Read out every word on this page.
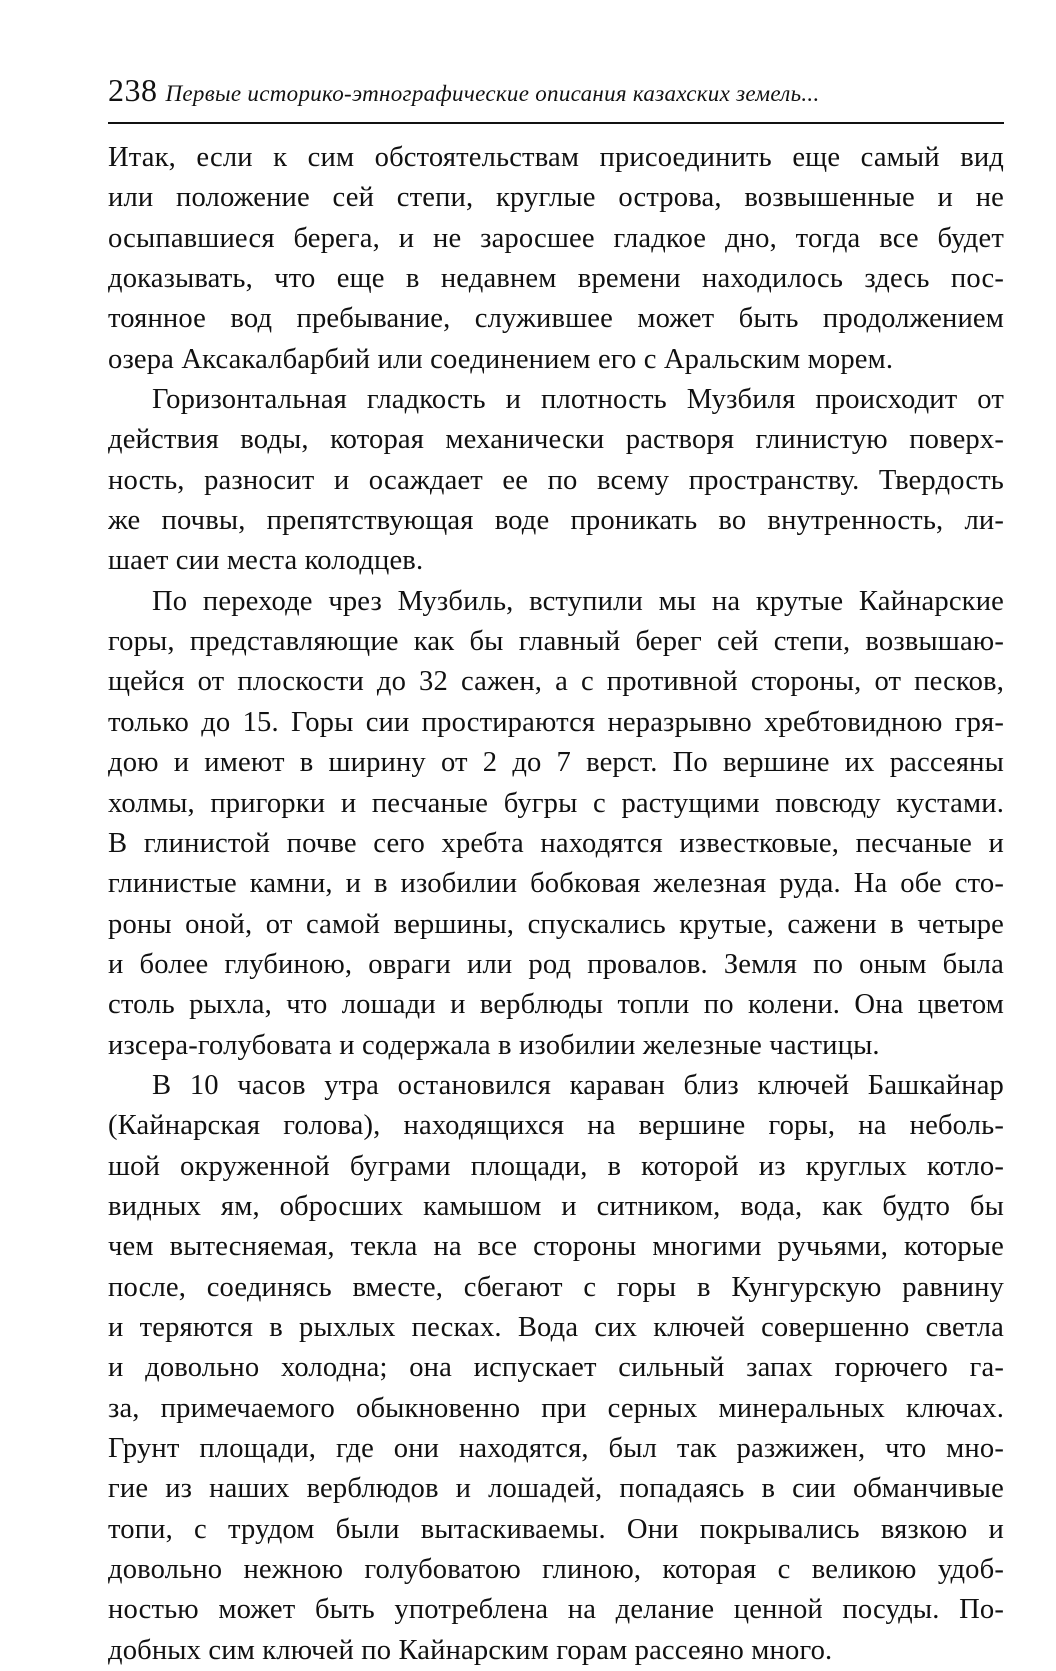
238 Первые историко-этнографические описания казахских земель...

Итак, если к сим обстоятельствам присоединить еще самый вид
или положение сей степи, круглые острова, возвышенные и не
осыпавшиеся берега, и не заросшее гладкое дно, тогда все будет
доказывать, что еще в недавнем времени находилось здесь пос-
тоянное вод пребывание, служившее может быть продолжением
озера Аксакалбарбий или соединением его с Аральским морем.

Горизонтальная гладкость и плотность Музбиля происходит от
действия воды, которая механически растворя глинистую поверх-
ность, разносит и осаждает ее по всему пространству. Твердость
же почвы, препятствующая воде проникать во внутренность, ли-
шает сии места колодцев.

По переходе чрез Музбиль, вступили мы на крутые Кайнарские
горы, представляющие как бы главный берег сей степи, возвышаю-
щейся от плоскости до 32 сажен, а с противной стороны, от песков,
только до 15. Горы сии простираются неразрывно хребтовидною гря-
дою и имеют в ширину от 2 до 7 верст. По вершине их рассеяны
холмы, пригорки и песчаные бугры с растущими повсюду кустами.
В глинистой почве сего хребта находятся известковые, песчаные и
глинистые камни, и в изобилии бобковая железная руда. На обе сто-
роны оной, от самой вершины, спускались крутые, сажени в четыре
и более глубиною, овраги или род провалов. Земля по оным была
столь рыхла, что лошади и верблюды топли по колени. Она цветом
изсера-голубовата и содержала в изобилии железные частицы.

В 10 часов утра остановился караван близ ключей Башкайнар
(Кайнарская голова), находящихся на вершине горы, на неболь-
шой окруженной буграми площади, в которой из круглых котло-
видных ям, обросших камышом и ситником, вода, как будто бы
чем вытесняемая, текла на все стороны многими ручьями, которые
после, соединясь вместе, сбегают с горы в Кунгурскую равнину
и теряются в рыхлых песках. Вода сих ключей совершенно светла
и довольно холодна; она испускает сильный запах горючего га-
за, примечаемого обыкновенно при серных минеральных ключах.
Грунт площади, где они находятся, был так разжижен, что мно-
гие из наших верблюдов и лошадей, попадаясь в сии обманчивые
топи, с трудом были вытаскиваемы. Они покрывались вязкою и
довольно нежною голубоватою глиною, которая с великою удоб-
ностью может быть употреблена на делание ценной посуды. По-
добных сим ключей по Кайнарским горам рассеяно много.
